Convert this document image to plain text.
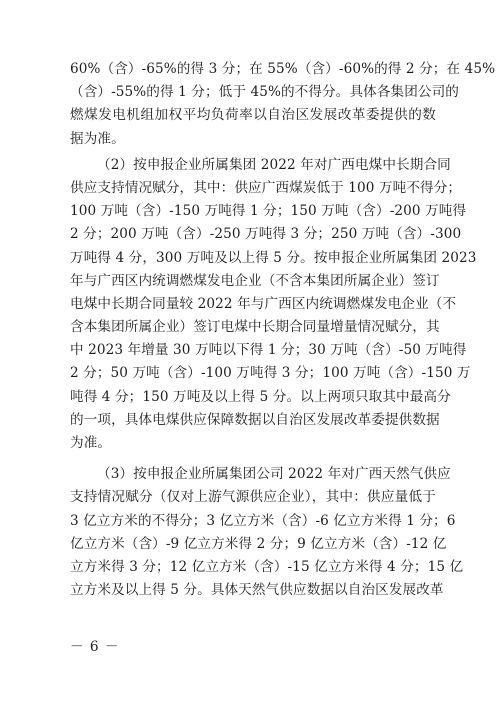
60%（含）-65%的得 3 分；在 55%（含）-60%的得 2 分；在 45%
（含）-55%的得 1 分；低于 45%的不得分。具体各集团公司的
燃煤发电机组加权平均负荷率以自治区发展改革委提供的数
据为准。
（2）按申报企业所属集团 2022 年对广西电煤中长期合同
供应支持情况赋分，其中：供应广西煤炭低于 100 万吨不得分；
100 万吨（含）-150 万吨得 1 分；150 万吨（含）-200 万吨得
2 分；200 万吨（含）-250 万吨得 3 分；250 万吨（含）-300
万吨得 4 分，300 万吨及以上得 5 分。按申报企业所属集团 2023
年与广西区内统调燃煤发电企业（不含本集团所属企业）签订
电煤中长期合同量较 2022 年与广西区内统调燃煤发电企业（不
含本集团所属企业）签订电煤中长期合同量增量情况赋分，其
中 2023 年增量 30 万吨以下得 1 分；30 万吨（含）-50 万吨得
2 分；50 万吨（含）-100 万吨得 3 分；100 万吨（含）-150 万
吨得 4 分；150 万吨及以上得 5 分。以上两项只取其中最高分
的一项，具体电煤供应保障数据以自治区发展改革委提供数据
为准。
（3）按申报企业所属集团公司 2022 年对广西天然气供应
支持情况赋分（仅对上游气源供应企业），其中：供应量低于
3 亿立方米的不得分；3 亿立方米（含）-6 亿立方米得 1 分；6
亿立方米（含）-9 亿立方米得 2 分；9 亿立方米（含）-12 亿
立方米得 3 分；12 亿立方米（含）-15 亿立方米得 4 分；15 亿
立方米及以上得 5 分。具体天然气供应数据以自治区发展改革
－ 6 －
